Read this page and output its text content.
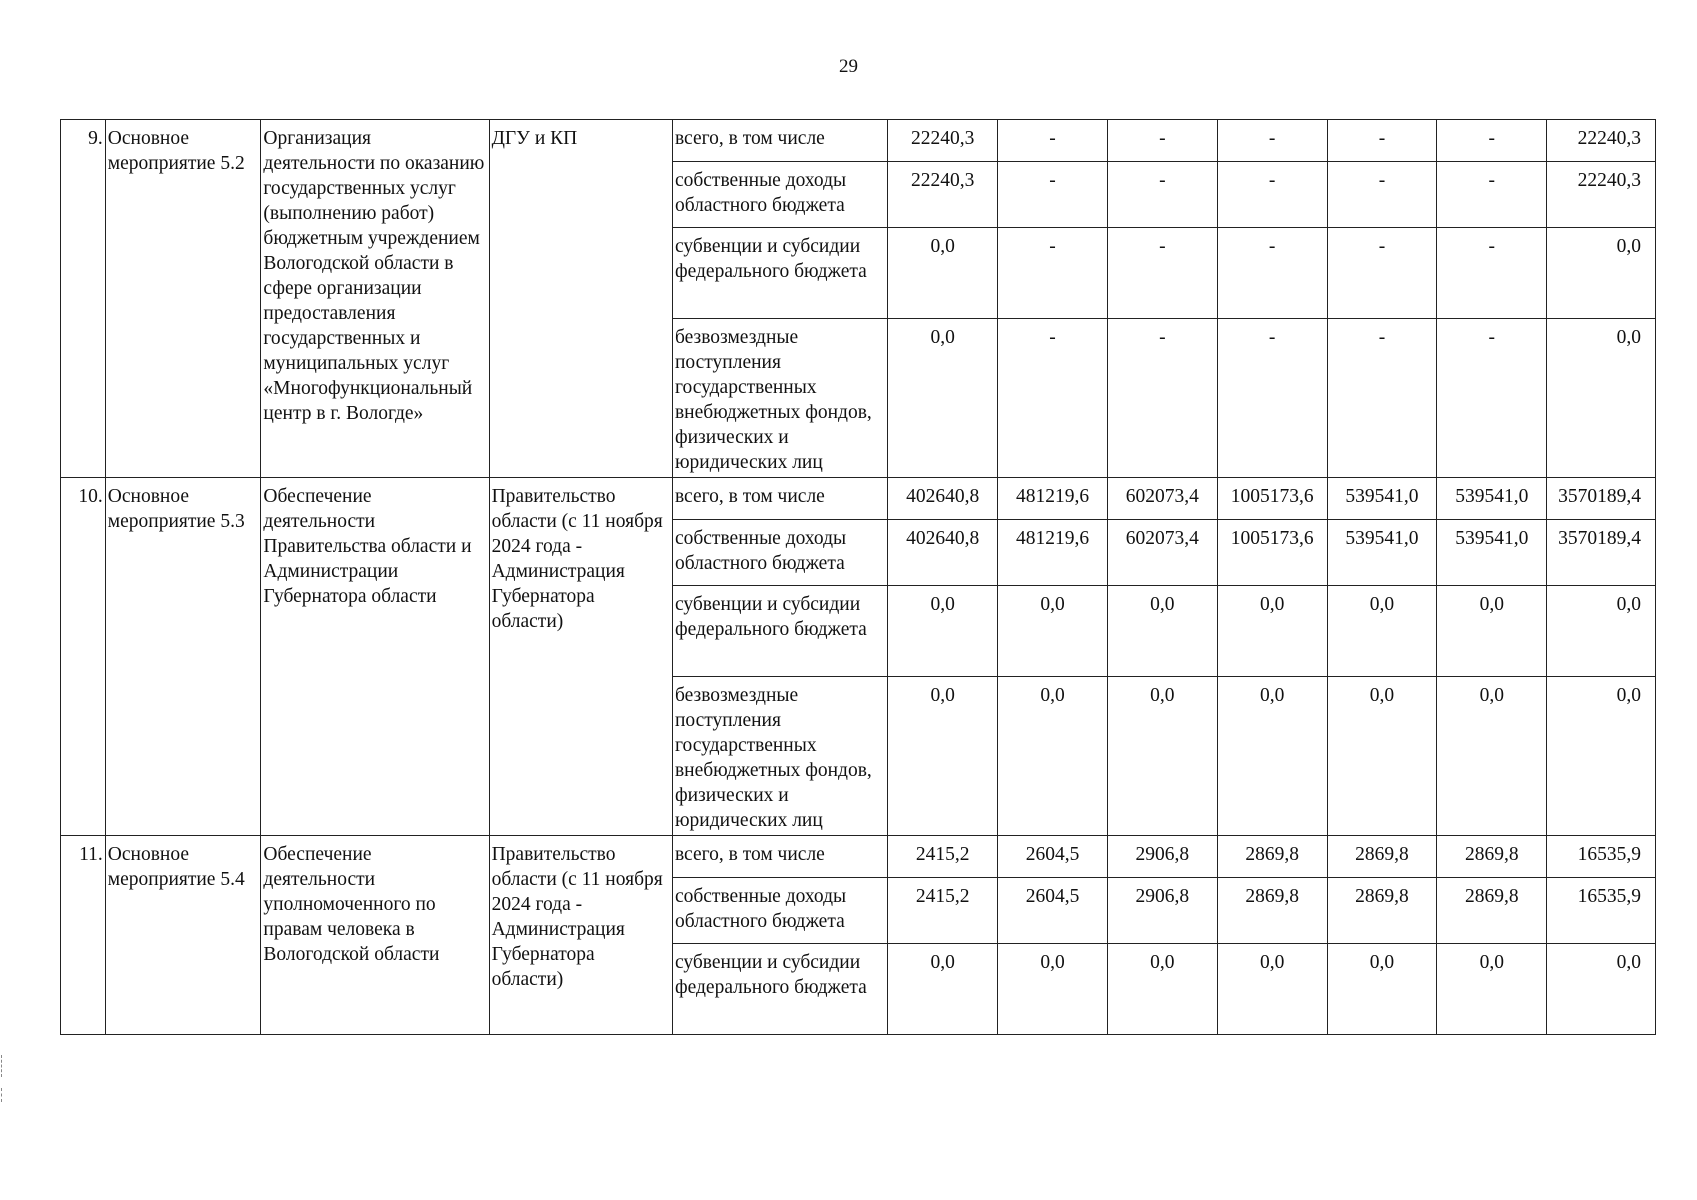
29
9.	Основное мероприятие 5.2	Организация деятельности по оказанию государственных услуг (выполнению работ) бюджетным учреждением Вологодской области в сфере организации предоставления государственных и муниципальных услуг «Многофункциональный центр в г. Вологде»	ДГУ и КП	всего, в том числе	22240,3	-	-	-	-	-	22240,3
				собственные доходы областного бюджета	22240,3	-	-	-	-	-	22240,3
				субвенции и субсидии федерального бюджета	0,0	-	-	-	-	-	0,0
				безвозмездные поступления государственных внебюджетных фондов, физических и юридических лиц	0,0	-	-	-	-	-	0,0
10.	Основное мероприятие 5.3	Обеспечение деятельности Правительства области и Администрации Губернатора области	Правительство области (с 11 ноября 2024 года - Администрация Губернатора области)	всего, в том числе	402640,8	481219,6	602073,4	1005173,6	539541,0	539541,0	3570189,4
				собственные доходы областного бюджета	402640,8	481219,6	602073,4	1005173,6	539541,0	539541,0	3570189,4
				субвенции и субсидии федерального бюджета	0,0	0,0	0,0	0,0	0,0	0,0	0,0
				безвозмездные поступления государственных внебюджетных фондов, физических и юридических лиц	0,0	0,0	0,0	0,0	0,0	0,0	0,0
11.	Основное мероприятие 5.4	Обеспечение деятельности уполномоченного по правам человека в Вологодской области	Правительство области (с 11 ноября 2024 года - Администрация Губернатора области)	всего, в том числе	2415,2	2604,5	2906,8	2869,8	2869,8	2869,8	16535,9
				собственные доходы областного бюджета	2415,2	2604,5	2906,8	2869,8	2869,8	2869,8	16535,9
				субвенции и субсидии федерального бюджета	0,0	0,0	0,0	0,0	0,0	0,0	0,0
